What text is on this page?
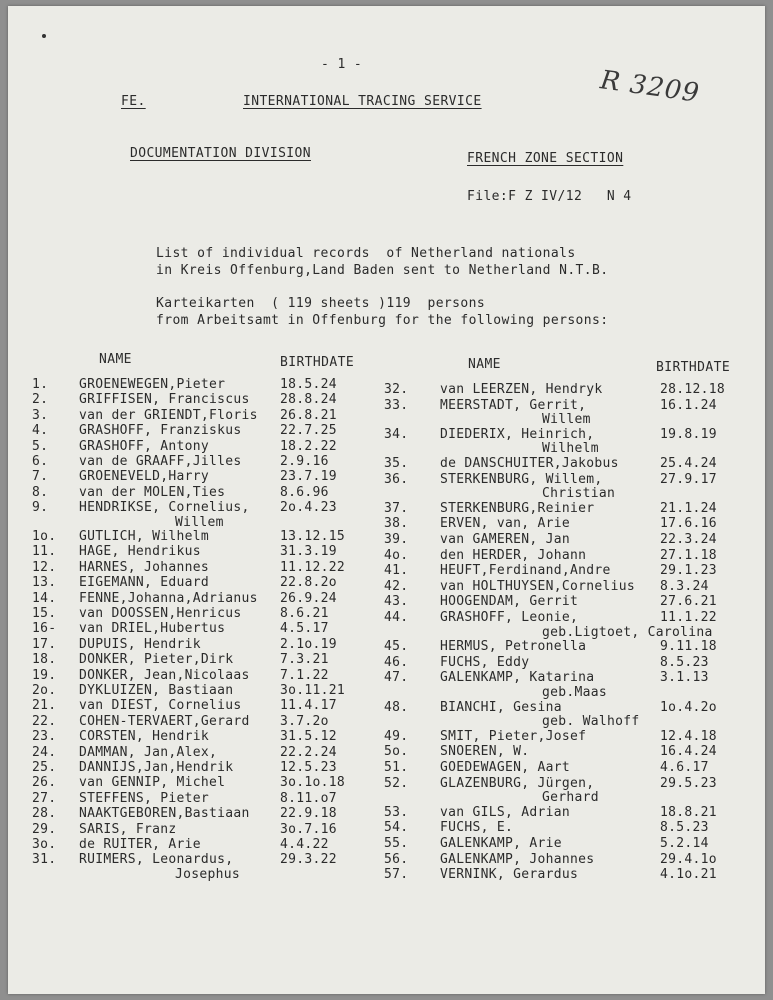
- 1 -
FE.	INTERNATIONAL TRACING SERVICE	R 3209
DOCUMENTATION DIVISION	FRENCH ZONE SECTION
File:F Z IV/12   N 4
List of individual records  of Netherland nationals
in Kreis Offenburg,Land Baden sent to Netherland N.T.B.
Karteikarten  ( 119 sheets )119  persons
from Arbeitsamt in Offenburg for the following persons:
NAME	BIRTHDATE	NAME	BIRTHDATE
1. GROENEWEGEN,Pieter	18.5.24
2. GRIFFISEN, Franciscus 28.8.24
3. van der GRIENDT,Floris 26.8.21
4. GRASHOFF, Franziskus	22.7.25
5. GRASHOFF, Antony	18.2.22
6. van de GRAAFF,Jilles	2.9.16
7. GROENEVELD,Harry	23.7.19
8. van der MOLEN,Ties	8.6.96
9. HENDRIKSE, Cornelius, 2o.4.23
Willem
1o. GUTLICH, Wilhelm	13.12.15
11. HAGE, Hendrikus	31.3.19
12. HARNES, Johannes	11.12.22
13. EIGEMANN, Eduard	22.8.2o
14. FENNE,Johanna,Adrianus 26.9.24
15. van DOOSSEN,Henricus	8.6.21
16- van DRIEL,Hubertus	4.5.17
17. DUPUIS, Hendrik	2.1o.19
18. DONKER, Pieter,Dirk	7.3.21
19. DONKER, Jean,Nicolaas 7.1.22
2o. DYKLUIZEN, Bastiaan	3o.11.21
21. van DIEST, Cornelius	11.4.17
22. COHEN-TERVAERT,Gerard 3.7.2o
23. CORSTEN, Hendrik	31.5.12
24. DAMMAN, Jan,Alex,	22.2.24
25. DANNIJS,Jan,Hendrik	12.5.23
26. van GENNIP, Michel	3o.1o.18
27. STEFFENS, Pieter	8.11.o7
28. NAAKTGEBOREN,Bastiaan 22.9.18
29. SARIS, Franz	3o.7.16
3o. de RUITER, Arie	4.4.22
31. RUIMERS, Leonardus,	29.3.22
Josephus
32. van LEERZEN, Hendryk	28.12.18
33. MEERSTADT, Gerrit,	16.1.24
Willem
34. DIEDERIX, Heinrich,	19.8.19
Wilhelm
35. de DANSCHUITER,Jakobus	25.4.24
36. STERKENBURG, Willem,	27.9.17
Christian
37. STERKENBURG,Reinier	21.1.24
38. ERVEN, van, Arie	17.6.16
39. van GAMEREN, Jan	22.3.24
4o. den HERDER, Johann	27.1.18
41. HEUFT,Ferdinand,Andre	29.1.23
42. van HOLTHUYSEN,Cornelius 8.3.24
43. HOOGENDAM, Gerrit	27.6.21
44. GRASHOFF, Leonie,	11.1.22
geb.Ligtoet, Carolina
45. HERMUS, Petronella	9.11.18
46. FUCHS, Eddy	8.5.23
47. GALENKAMP, Katarina	3.1.13
geb.Maas
48. BIANCHI, Gesina	1o.4.2o
geb. Walhoff
49. SMIT, Pieter,Josef	12.4.18
5o. SNOEREN, W.	16.4.24
51. GOEDEWAGEN, Aart	4.6.17
52. GLAZENBURG, Jürgen,	29.5.23
Gerhard
53. van GILS, Adrian	18.8.21
54. FUCHS, E.	8.5.23
55. GALENKAMP, Arie	5.2.14
56. GALENKAMP, Johannes	29.4.1o
57. VERNINK, Gerardus	4.1o.21
